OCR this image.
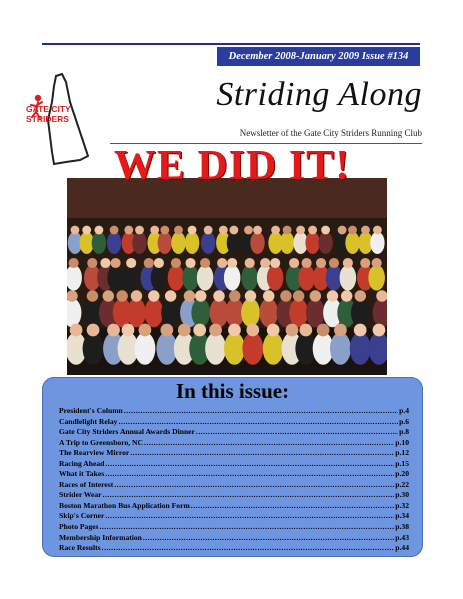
December 2008-January 2009 Issue #134
GATE CITY
STRIDERS
Striding Along
Newsletter of the Gate City Striders Running Club
WE DID IT!
In this issue:
President's Column .....	p.4
Candlelight Relay .....	p.6
Gate City Striders Annual Awards Dinner .....	p.8
A Trip to Greensboro, NC .....	p.10
The Rearview Mirror .....	p.12
Racing Ahead .....	p.15
What it Takes .....	p.20
Races of Interest .....	p.22
Strider Wear .....	p.30
Boston Marathon Bus Application Form .....	p.32
Skip's Corner .....	p.34
Photo Pages .....	p.38
Membership Information .....	p.43
Race Results .....	p.44
